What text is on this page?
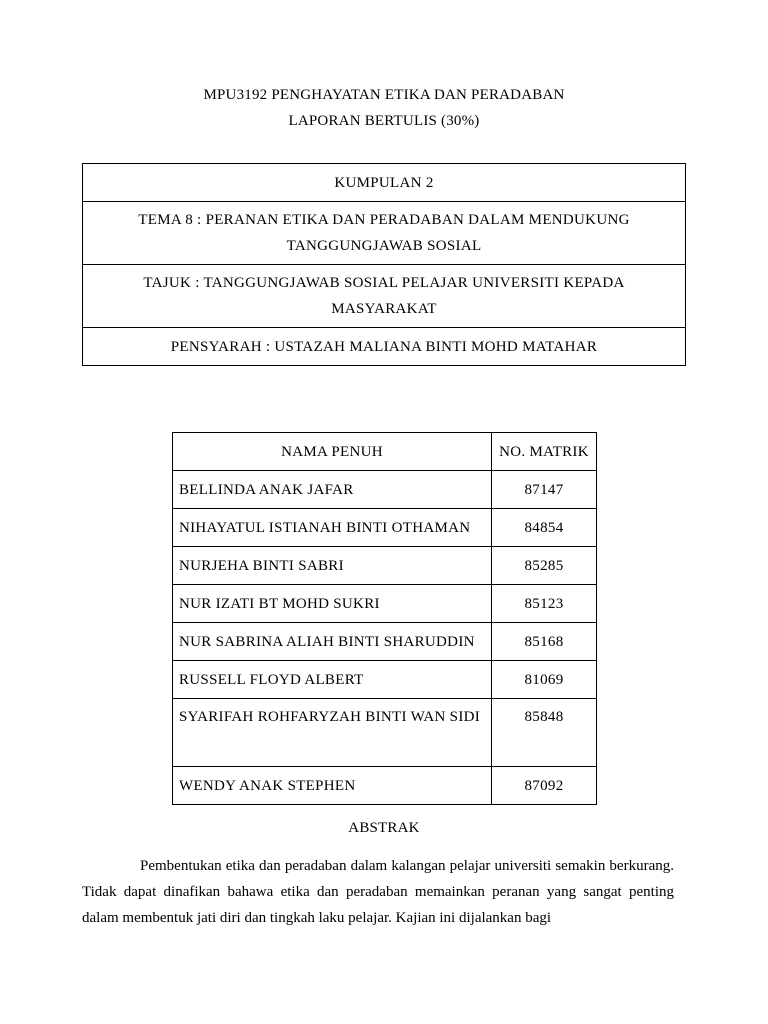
MPU3192 PENGHAYATAN ETIKA DAN PERADABAN
LAPORAN BERTULIS (30%)
KUMPULAN 2
TEMA 8 : PERANAN ETIKA DAN PERADABAN DALAM MENDUKUNG TANGGUNGJAWAB SOSIAL
TAJUK : TANGGUNGJAWAB SOSIAL PELAJAR UNIVERSITI KEPADA MASYARAKAT
PENSYARAH : USTAZAH MALIANA BINTI MOHD MATAHAR
NAMA PENUH	NO. MATRIK
BELLINDA ANAK JAFAR	87147
NIHAYATUL ISTIANAH BINTI OTHAMAN	84854
NURJEHA BINTI SABRI	85285
NUR IZATI BT MOHD SUKRI	85123
NUR SABRINA ALIAH BINTI SHARUDDIN	85168
RUSSELL FLOYD ALBERT	81069
SYARIFAH ROHFARYZAH BINTI WAN SIDI	85848
WENDY ANAK STEPHEN	87092
ABSTRAK

Pembentukan etika dan peradaban dalam kalangan pelajar universiti semakin berkurang. Tidak dapat dinafikan bahawa etika dan peradaban memainkan peranan yang sangat penting dalam membentuk jati diri dan tingkah laku pelajar. Kajian ini dijalankan bagi
